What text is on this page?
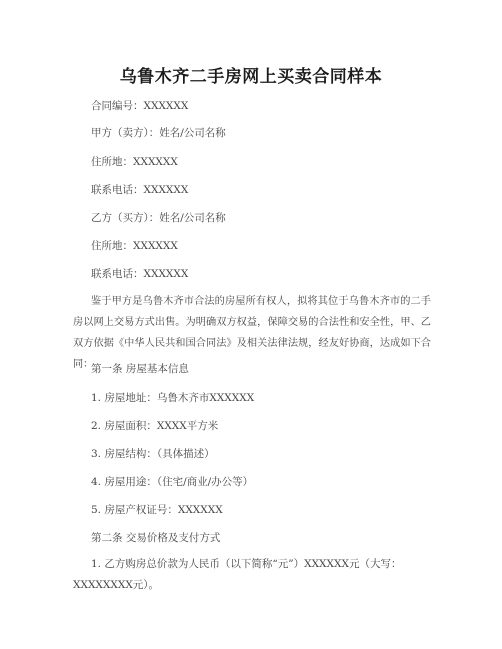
乌鲁木齐二手房网上买卖合同样本
合同编号：XXXXXX
甲方（卖方）：姓名/公司名称
住所地：XXXXXX
联系电话：XXXXXX
乙方（买方）：姓名/公司名称
住所地：XXXXXX
联系电话：XXXXXX
鉴于甲方是乌鲁木齐市合法的房屋所有权人，拟将其位于乌鲁木齐市的二手房以网上交易方式出售。为明确双方权益，保障交易的合法性和安全性，甲、乙双方依据《中华人民共和国合同法》及相关法律法规，经友好协商，达成如下合同：
第一条 房屋基本信息
1. 房屋地址：乌鲁木齐市XXXXXX
2. 房屋面积：XXXX平方米
3. 房屋结构：（具体描述）
4. 房屋用途：（住宅/商业/办公等）
5. 房屋产权证号：XXXXXX
第二条 交易价格及支付方式
1. 乙方购房总价款为人民币（以下简称“元”）XXXXXX元（大写：XXXXXXXX元）。
